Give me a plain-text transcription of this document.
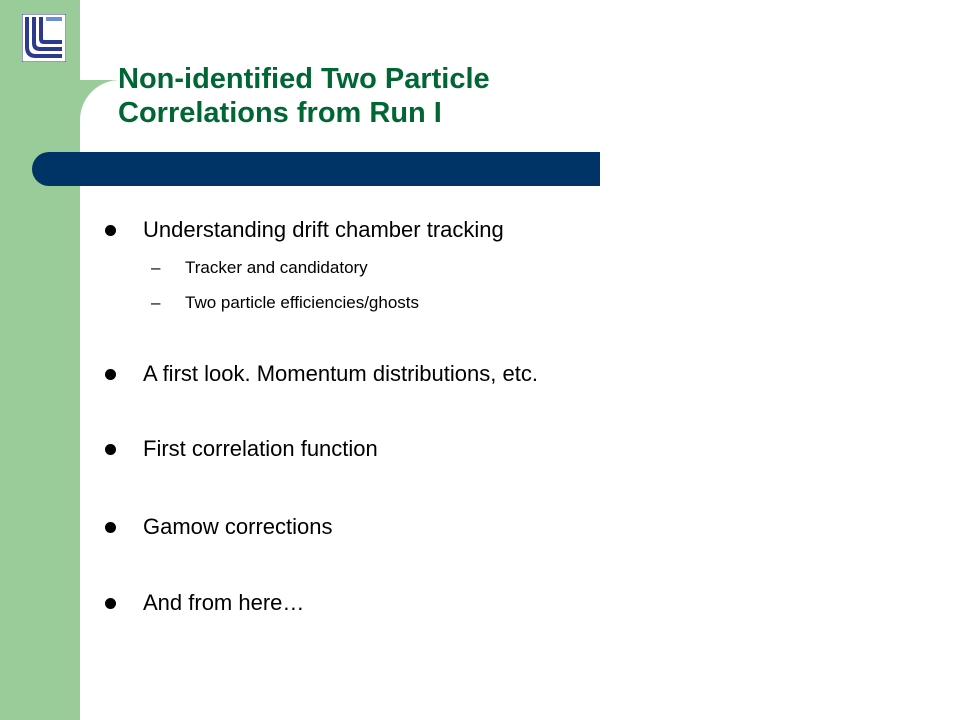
Non-identified Two Particle
Correlations from Run I
Understanding drift chamber tracking
– Tracker and candidatory
– Two particle efficiencies/ghosts
A first look. Momentum distributions, etc.
First correlation function
Gamow corrections
And from here…
